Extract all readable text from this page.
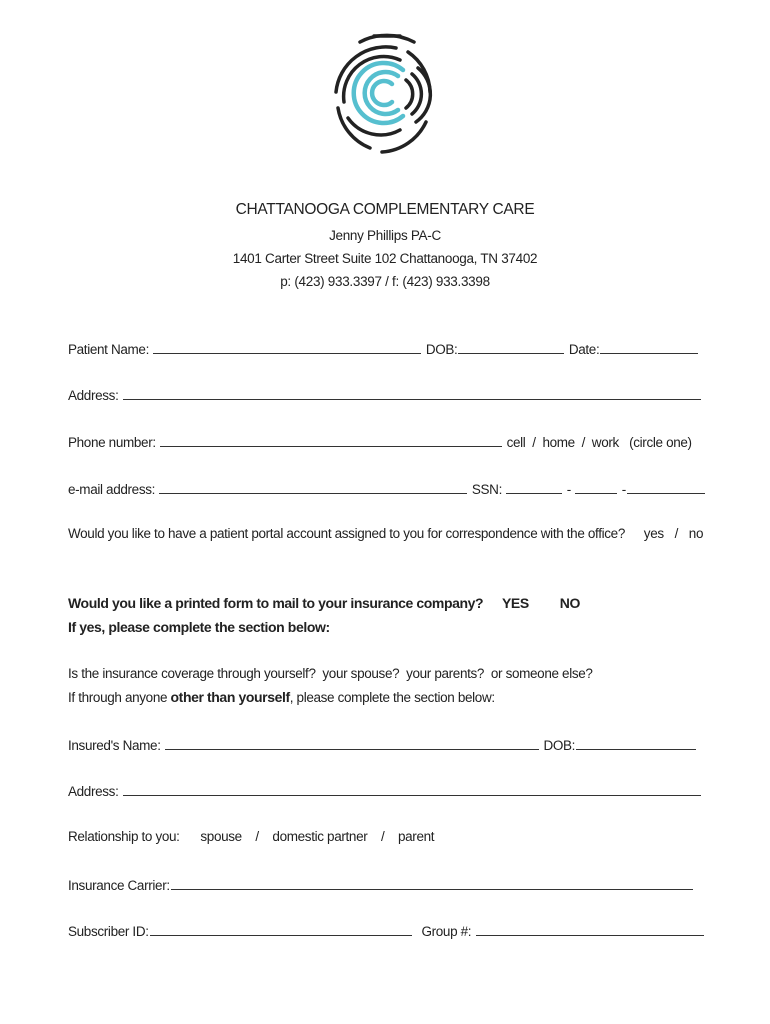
CHATTANOOGA COMPLEMENTARY CARE
Jenny Phillips PA-C
1401 Carter Street Suite 102 Chattanooga, TN 37402
p: (423) 933.3397 / f: (423) 933.3398
Patient Name:	DOB:	Date:
Address:
Phone number:	cell  /  home  /  work   (circle one)
e-mail address:	SSN:	-	-
Would you like to have a patient portal account assigned to you for correspondence with the office? yes / no
Would you like a printed form to mail to your insurance company? YES NO
If yes, please complete the section below:
Is the insurance coverage through yourself?  your spouse?  your parents?  or someone else?
If through anyone other than yourself, please complete the section below:
Insured's Name:	DOB:
Address:
Relationship to you: spouse    /    domestic partner    /    parent
Insurance Carrier:
Subscriber ID:	Group #:
